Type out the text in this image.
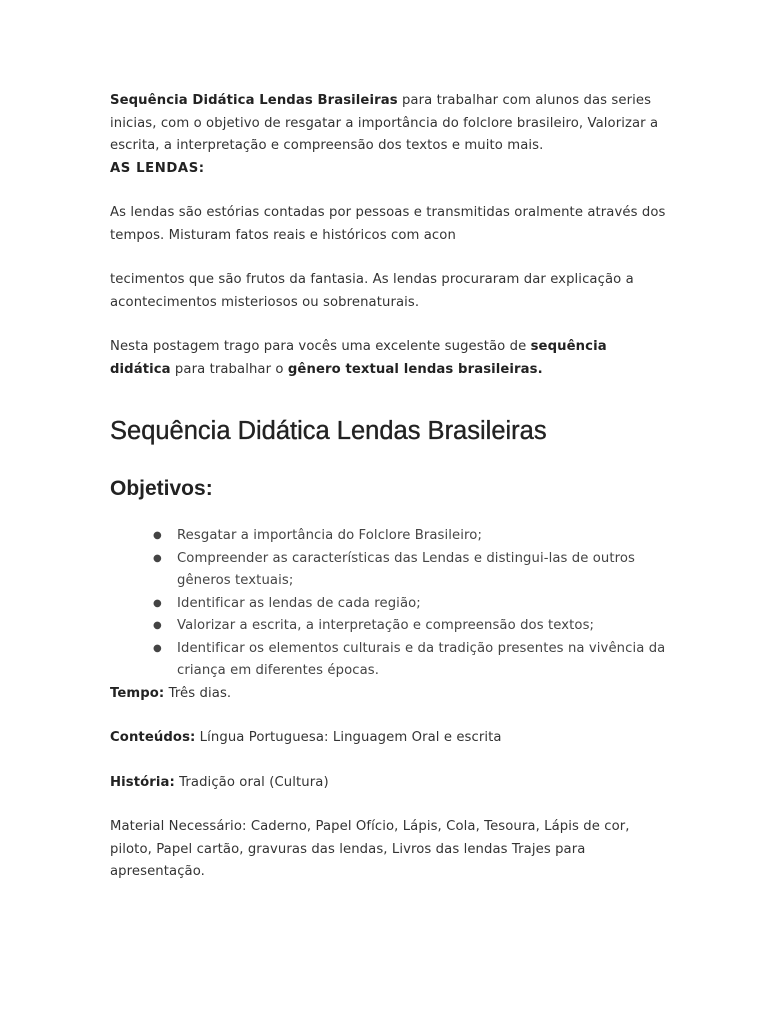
Sequência Didática Lendas Brasileiras para trabalhar com alunos das series inicias, com o objetivo de resgatar a importância do folclore brasileiro, Valorizar a escrita, a interpretação e compreensão dos textos e muito mais.

AS LENDAS:

As lendas são estórias contadas por pessoas e transmitidas oralmente através dos tempos. Misturam fatos reais e históricos com acon

tecimentos que são frutos da fantasia. As lendas procuraram dar explicação a acontecimentos misteriosos ou sobrenaturais.

Nesta postagem trago para vocês uma excelente sugestão de sequência didática para trabalhar o gênero textual lendas brasileiras.

Sequência Didática Lendas Brasileiras
Objetivos:
● Resgatar a importância do Folclore Brasileiro;
● Compreender as características das Lendas e distingui-las de outros gêneros textuais;
● Identificar as lendas de cada região;
● Valorizar a escrita, a interpretação e compreensão dos textos;
● Identificar os elementos culturais e da tradição presentes na vivência da criança em diferentes épocas.

Tempo: Três dias.

Conteúdos: Língua Portuguesa: Linguagem Oral e escrita

História: Tradição oral (Cultura)

Material Necessário: Caderno, Papel Ofício, Lápis, Cola, Tesoura, Lápis de cor, piloto, Papel cartão, gravuras das lendas, Livros das lendas Trajes para apresentação.
